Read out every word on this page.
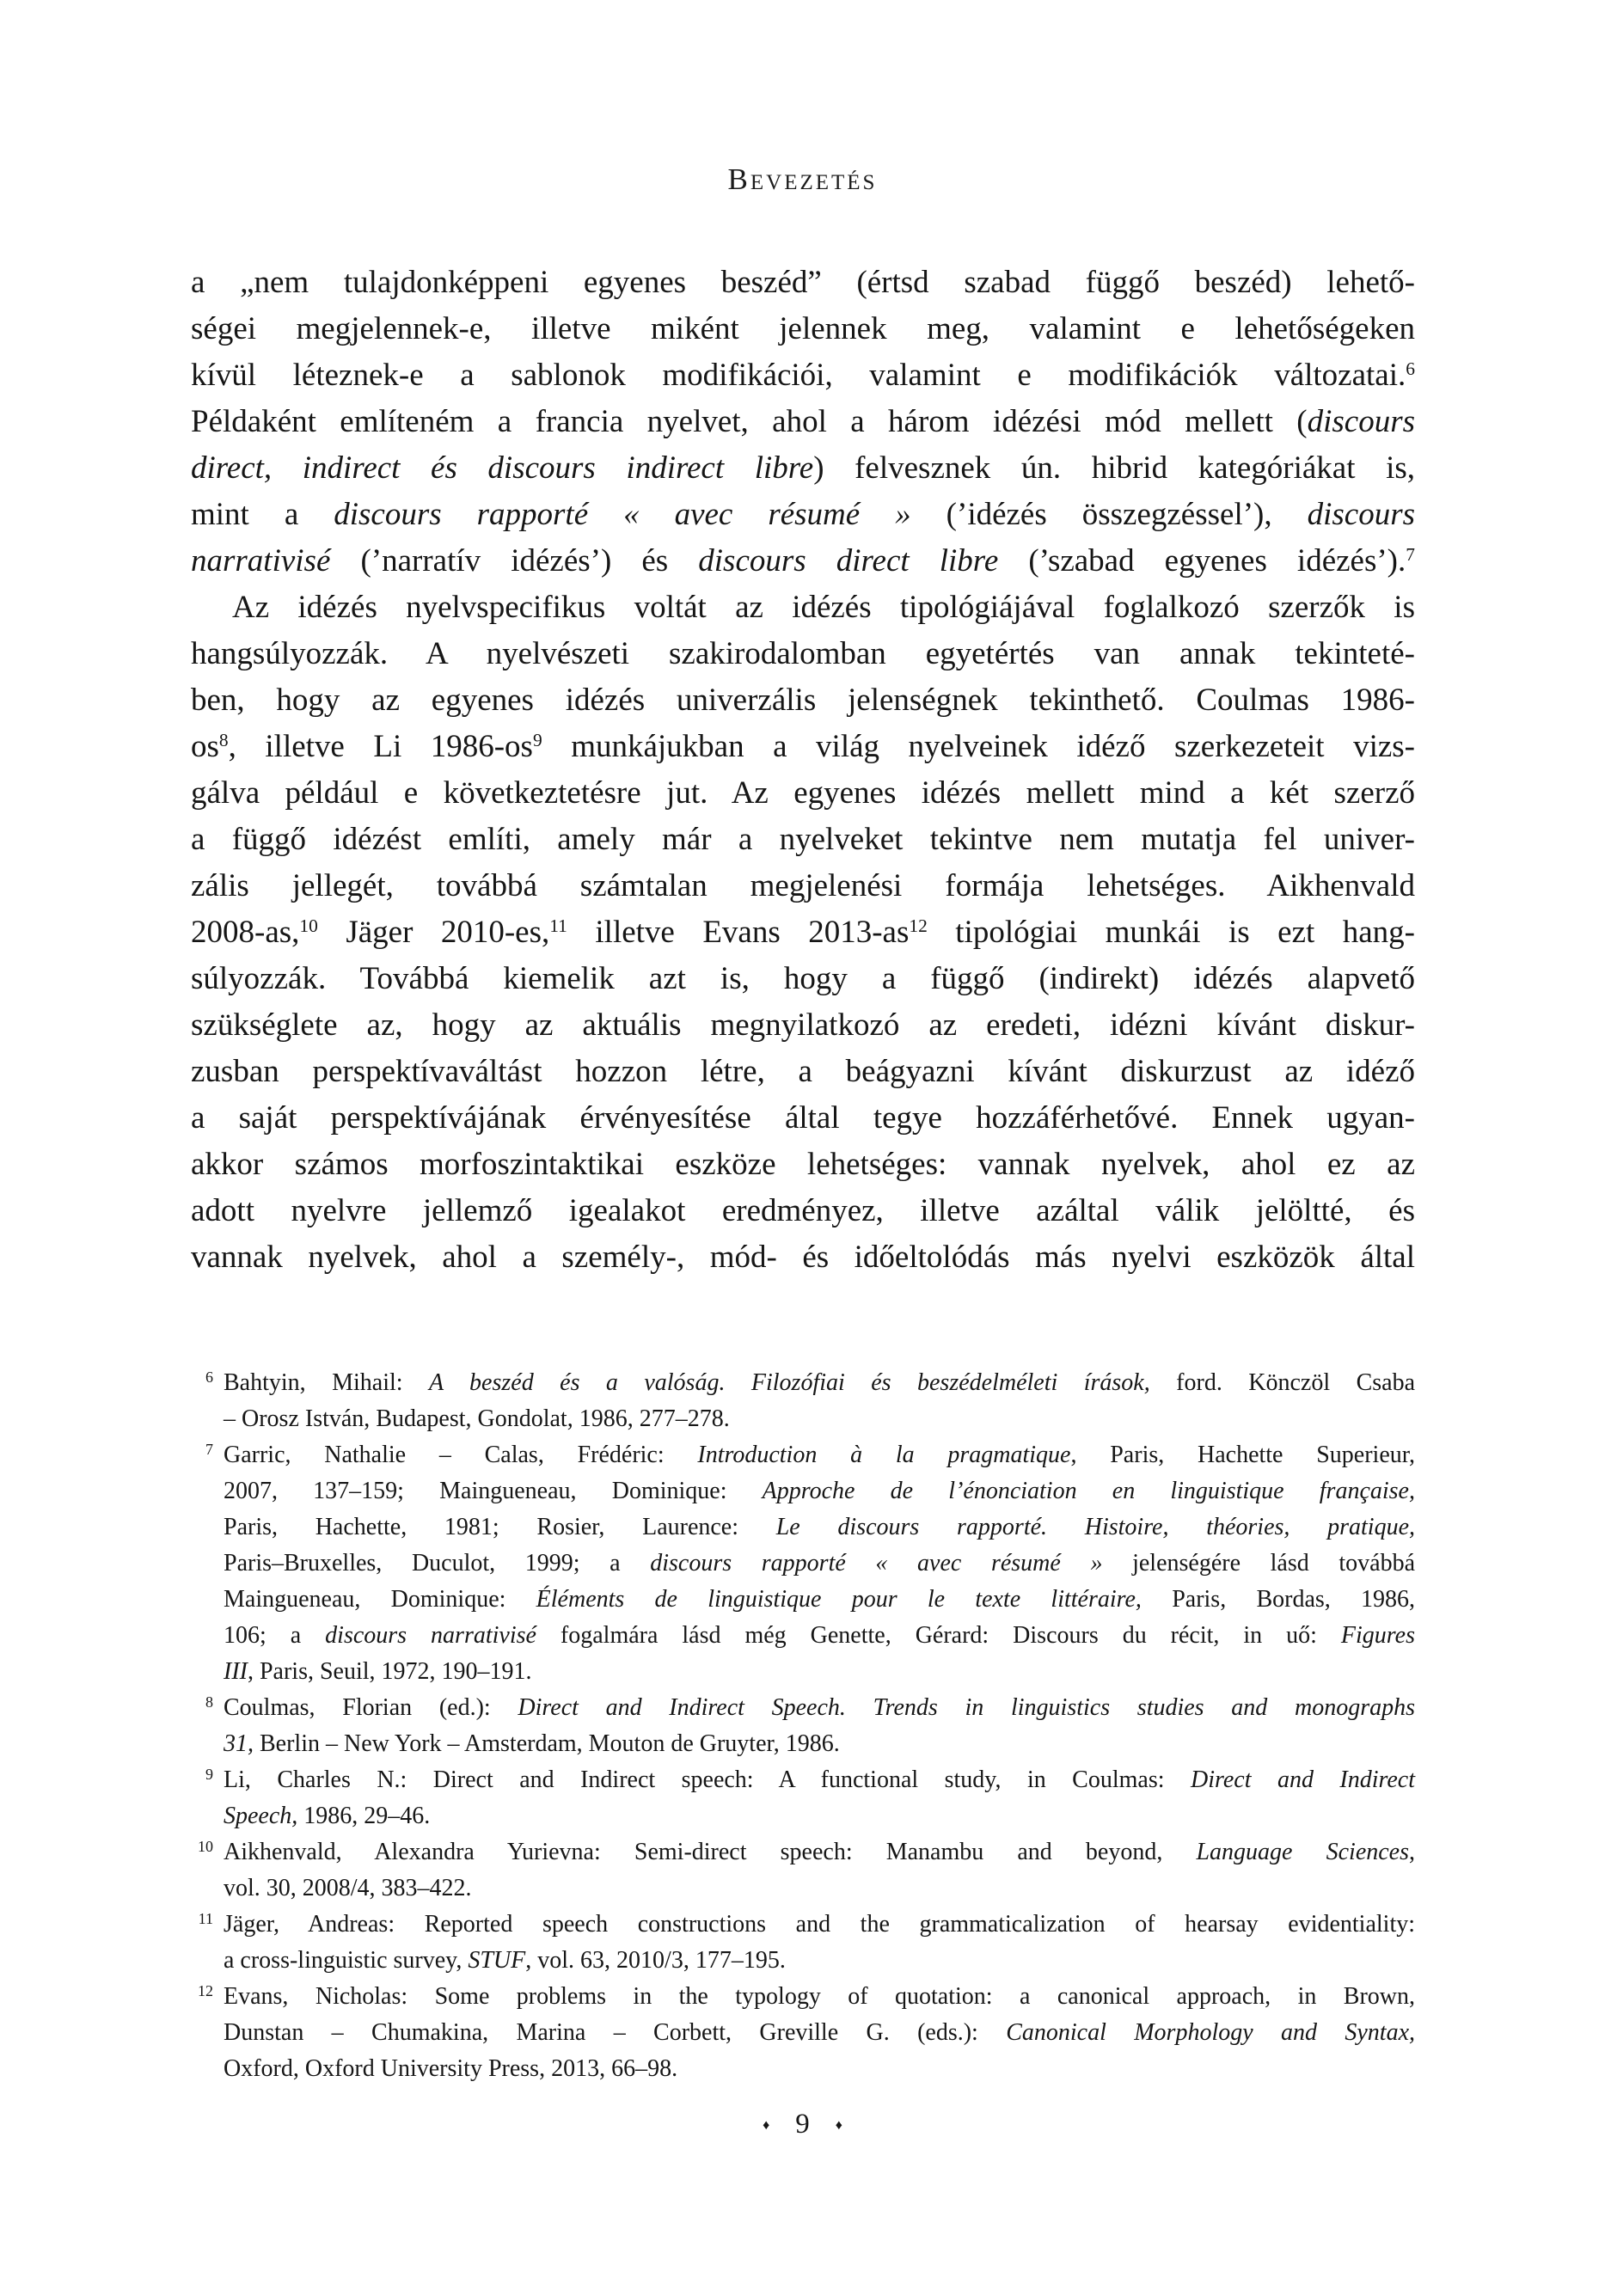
Bevezetés
a „nem tulajdonképpeni egyenes beszéd” (értsd szabad függő beszéd) lehető-
ségei megjelennek-e, illetve miként jelennek meg, valamint e lehetőségeken
kívül léteznek-e a sablonok modifikációi, valamint e modifikációk változatai.$^6$
Példaként említeném a francia nyelvet, ahol a három idézési mód mellett (discours
direct, indirect és discours indirect libre) felvesznek ún. hibrid kategóriákat is,
mint a discours rapporté « avec résumé » (’idézés összegzéssel’), discours
narrativisé (’narratív idézés’) és discours direct libre (’szabad egyenes idézés’).$^7$
Az idézés nyelvspecifikus voltát az idézés tipológiájával foglalkozó szerzők is
hangsúlyozzák. A nyelvészeti szakirodalomban egyetértés van annak tekinteté-
ben, hogy az egyenes idézés univerzális jelenségnek tekinthető. Coulmas 1986-
os$^8$, illetve Li 1986-os$^9$ munkájukban a világ nyelveinek idéző szerkezeteit vizs-
gálva például e következtetésre jut. Az egyenes idézés mellett mind a két szerző
a függő idézést említi, amely már a nyelveket tekintve nem mutatja fel univer-
zális jellegét, továbbá számtalan megjelenési formája lehetséges. Aikhenvald
2008-as,$^{10}$ Jäger 2010-es,$^{11}$ illetve Evans 2013-as$^{12}$ tipológiai munkái is ezt hang-
súlyozzák. Továbbá kiemelik azt is, hogy a függő (indirekt) idézés alapvető
szükséglete az, hogy az aktuális megnyilatkozó az eredeti, idézni kívánt diskur-
zusban perspektívaváltást hozzon létre, a beágyazni kívánt diskurzust az idéző
a saját perspektívájának érvényesítése által tegye hozzáférhetővé. Ennek ugyan-
akkor számos morfoszintaktikai eszköze lehetséges: vannak nyelvek, ahol ez az
adott nyelvre jellemző igealakot eredményez, illetve azáltal válik jelöltté, és
vannak nyelvek, ahol a személy-, mód- és időeltolódás más nyelvi eszközök által
6 Bahtyin, Mihail: A beszéd és a valóság. Filozófiai és beszédelméleti írások, ford. Könczöl Csaba
– Orosz István, Budapest, Gondolat, 1986, 277–278.
7 Garric, Nathalie – Calas, Frédéric: Introduction à la pragmatique, Paris, Hachette Superieur,
2007, 137–159; Maingueneau, Dominique: Approche de l’énonciation en linguistique française,
Paris, Hachette, 1981; Rosier, Laurence: Le discours rapporté. Histoire, théories, pratique,
Paris–Bruxelles, Duculot, 1999; a discours rapporté « avec résumé » jelenségére lásd továbbá
Maingueneau, Dominique: Éléments de linguistique pour le texte littéraire, Paris, Bordas, 1986,
106; a discours narrativisé fogalmára lásd még Genette, Gérard: Discours du récit, in uő: Figures
III, Paris, Seuil, 1972, 190–191.
8 Coulmas, Florian (ed.): Direct and Indirect Speech. Trends in linguistics studies and monographs
31, Berlin – New York – Amsterdam, Mouton de Gruyter, 1986.
9 Li, Charles N.: Direct and Indirect speech: A functional study, in Coulmas: Direct and Indirect
Speech, 1986, 29–46.
10 Aikhenvald, Alexandra Yurievna: Semi-direct speech: Manambu and beyond, Language Sciences,
vol. 30, 2008/4, 383–422.
11 Jäger, Andreas: Reported speech constructions and the grammaticalization of hearsay evidentiality:
a cross-linguistic survey, STUF, vol. 63, 2010/3, 177–195.
12 Evans, Nicholas: Some problems in the typology of quotation: a canonical approach, in Brown,
Dunstan – Chumakina, Marina – Corbett, Greville G. (eds.): Canonical Morphology and Syntax,
Oxford, Oxford University Press, 2013, 66–98.
♦ 9 ♦
